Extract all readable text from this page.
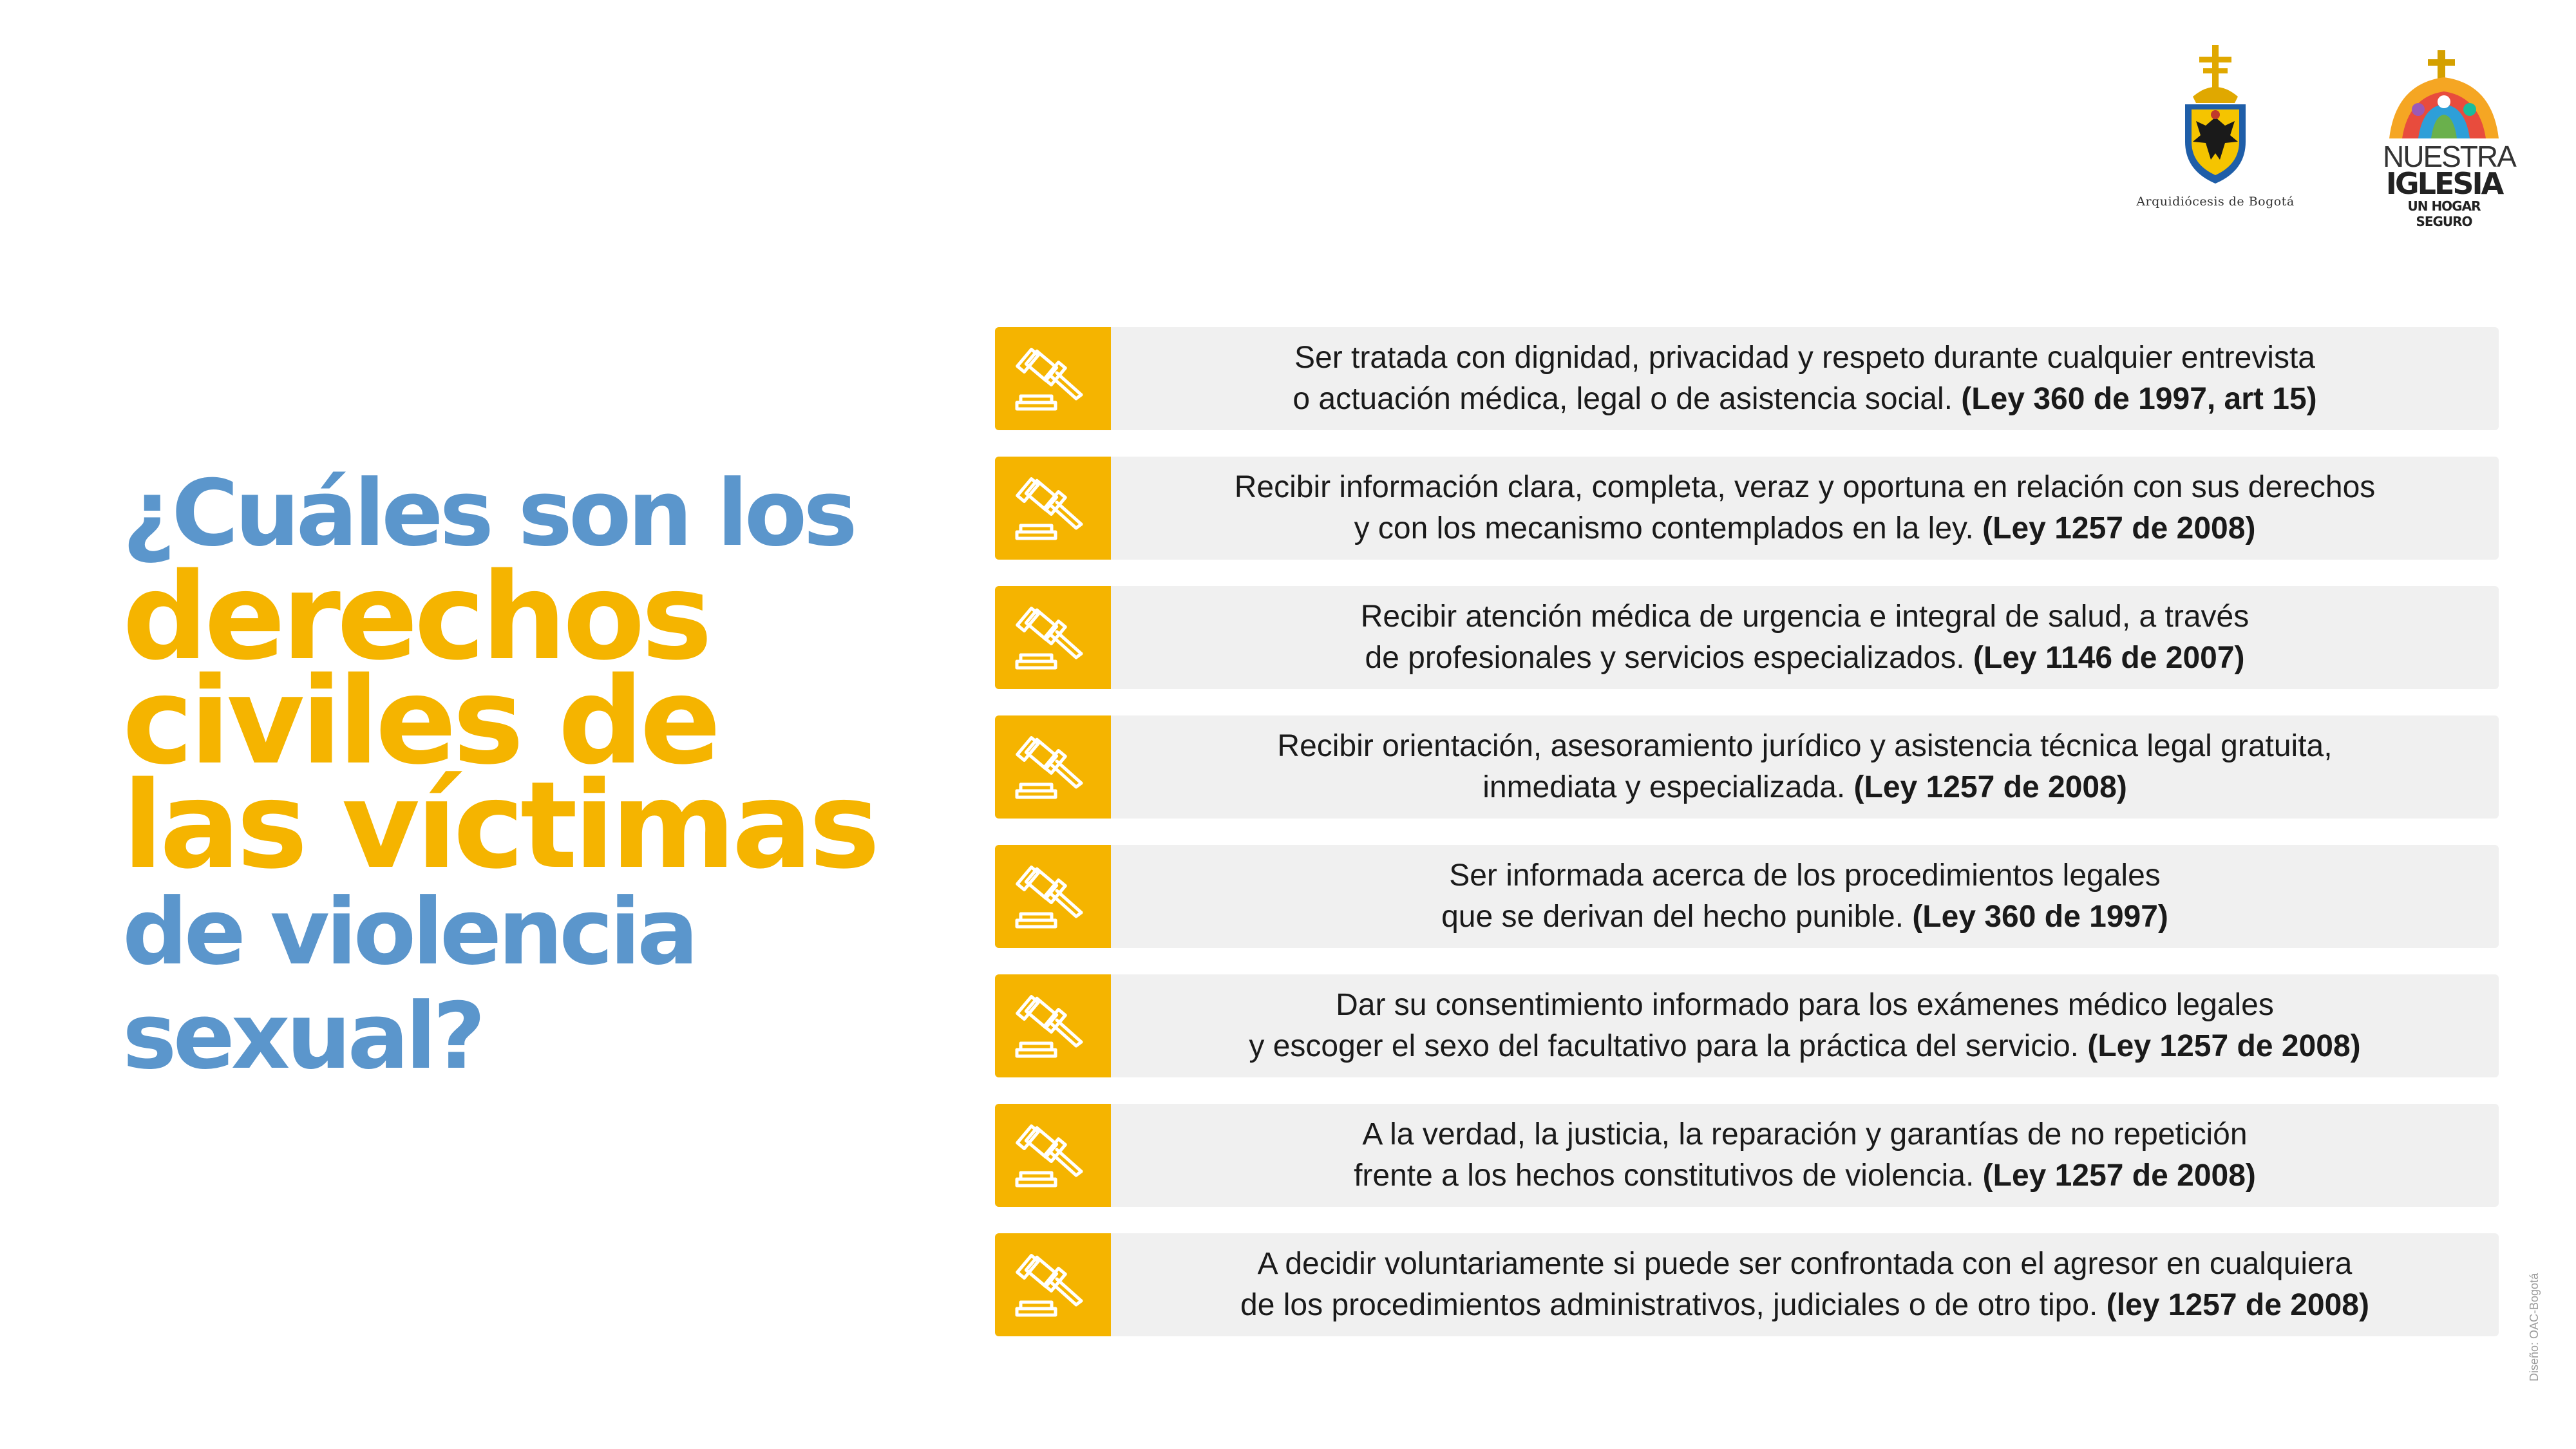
Arquidiócesis de Bogotá
NUESTRA
IGLESIA
UN HOGAR SEGURO
¿Cuáles son los
derechos
civiles de
las víctimas
de violencia
sexual?
Ser tratada con dignidad, privacidad y respeto durante cualquier entrevista
o actuación médica, legal o de asistencia social. (Ley 360 de 1997, art 15)
Recibir información clara, completa, veraz y oportuna en relación con sus derechos
y con los mecanismo contemplados en la ley. (Ley 1257 de 2008)
Recibir atención médica de urgencia e integral de salud, a través
de profesionales y servicios especializados. (Ley 1146 de 2007)
Recibir orientación, asesoramiento jurídico y asistencia técnica legal gratuita,
inmediata y especializada. (Ley 1257 de 2008)
Ser informada acerca de los procedimientos legales
que se derivan del hecho punible. (Ley 360 de 1997)
Dar su consentimiento informado para los exámenes médico legales
y escoger el sexo del facultativo para la práctica del servicio. (Ley 1257 de 2008)
A la verdad, la justicia, la reparación y garantías de no repetición
frente a los hechos constitutivos de violencia. (Ley 1257 de 2008)
A decidir voluntariamente si puede ser confrontada con el agresor en cualquiera
de los procedimientos administrativos, judiciales o de otro tipo. (ley 1257 de 2008)	Diseño: OAC-Bogotá
